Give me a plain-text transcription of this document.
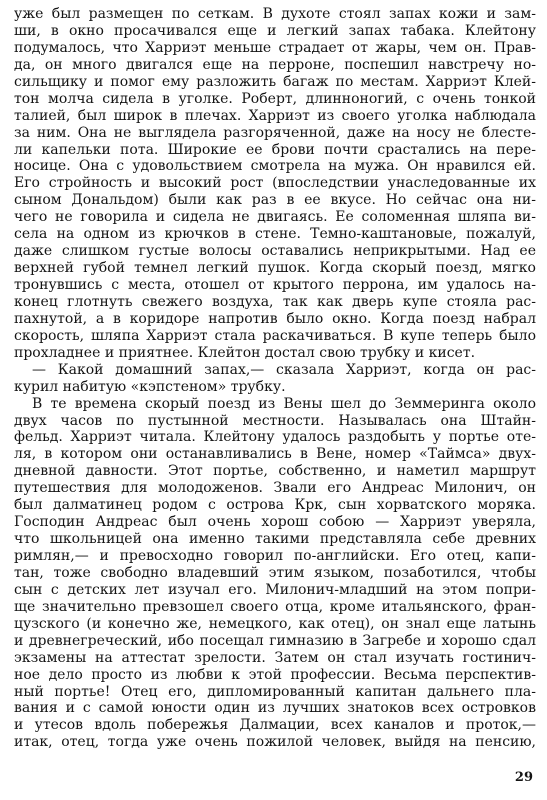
уже был размещен по сеткам. В духоте стоял запах кожи и зам-
ши, в окно просачивался еще и легкий запах табака. Клейтону
подумалось, что Харриэт меньше страдает от жары, чем он. Прав-
да, он много двигался еще на перроне, поспешил навстречу но-
сильщику и помог ему разложить багаж по местам. Харриэт Клей-
тон молча сидела в уголке. Роберт, длинноногий, с очень тонкой
талией, был широк в плечах. Харриэт из своего уголка наблюдала
за ним. Она не выглядела разгоряченной, даже на носу не блесте-
ли капельки пота. Широкие ее брови почти срастались на пере-
носице. Она с удовольствием смотрела на мужа. Он нравился ей.
Его стройность и высокий рост (впоследствии унаследованные их
сыном Дональдом) были как раз в ее вкусе. Но сейчас она ни-
чего не говорила и сидела не двигаясь. Ее соломенная шляпа ви-
села на одном из крючков в стене. Темно-каштановые, пожалуй,
даже слишком густые волосы оставались неприкрытыми. Над ее
верхней губой темнел легкий пушок. Когда скорый поезд, мягко
тронувшись с места, отошел от крытого перрона, им удалось на-
конец глотнуть свежего воздуха, так как дверь купе стояла рас-
пахнутой, а в коридоре напротив было окно. Когда поезд набрал
скорость, шляпа Харриэт стала раскачиваться. В купе теперь было
прохладнее и приятнее. Клейтон достал свою трубку и кисет.
— Какой домашний запах,— сказала Харриэт, когда он рас-
курил набитую «кэпстеном» трубку.
В те времена скорый поезд из Вены шел до Земмеринга около
двух часов по пустынной местности. Называлась она Штайн-
фельд. Харриэт читала. Клейтону удалось раздобыть у портье оте-
ля, в котором они останавливались в Вене, номер «Таймса» двух-
дневной давности. Этот портье, собственно, и наметил маршрут
путешествия для молодоженов. Звали его Андреас Милонич, он
был далматинец родом с острова Крк, сын хорватского моряка.
Господин Андреас был очень хорош собою — Харриэт уверяла,
что школьницей она именно такими представляла себе древних
римлян,— и превосходно говорил по-английски. Его отец, капи-
тан, тоже свободно владевший этим языком, позаботился, чтобы
сын с детских лет изучал его. Милонич-младший на этом попри-
ще значительно превзошел своего отца, кроме итальянского, фран-
цузского (и конечно же, немецкого, как отец), он знал еще латынь
и древнегреческий, ибо посещал гимназию в Загребе и хорошо сдал
экзамены на аттестат зрелости. Затем он стал изучать гостинич-
ное дело просто из любви к этой профессии. Весьма перспектив-
ный портье! Отец его, дипломированный капитан дальнего пла-
вания и с самой юности один из лучших знатоков всех островков
и утесов вдоль побережья Далмации, всех каналов и проток,—
итак, отец, тогда уже очень пожилой человек, выйдя на пенсию,
29
